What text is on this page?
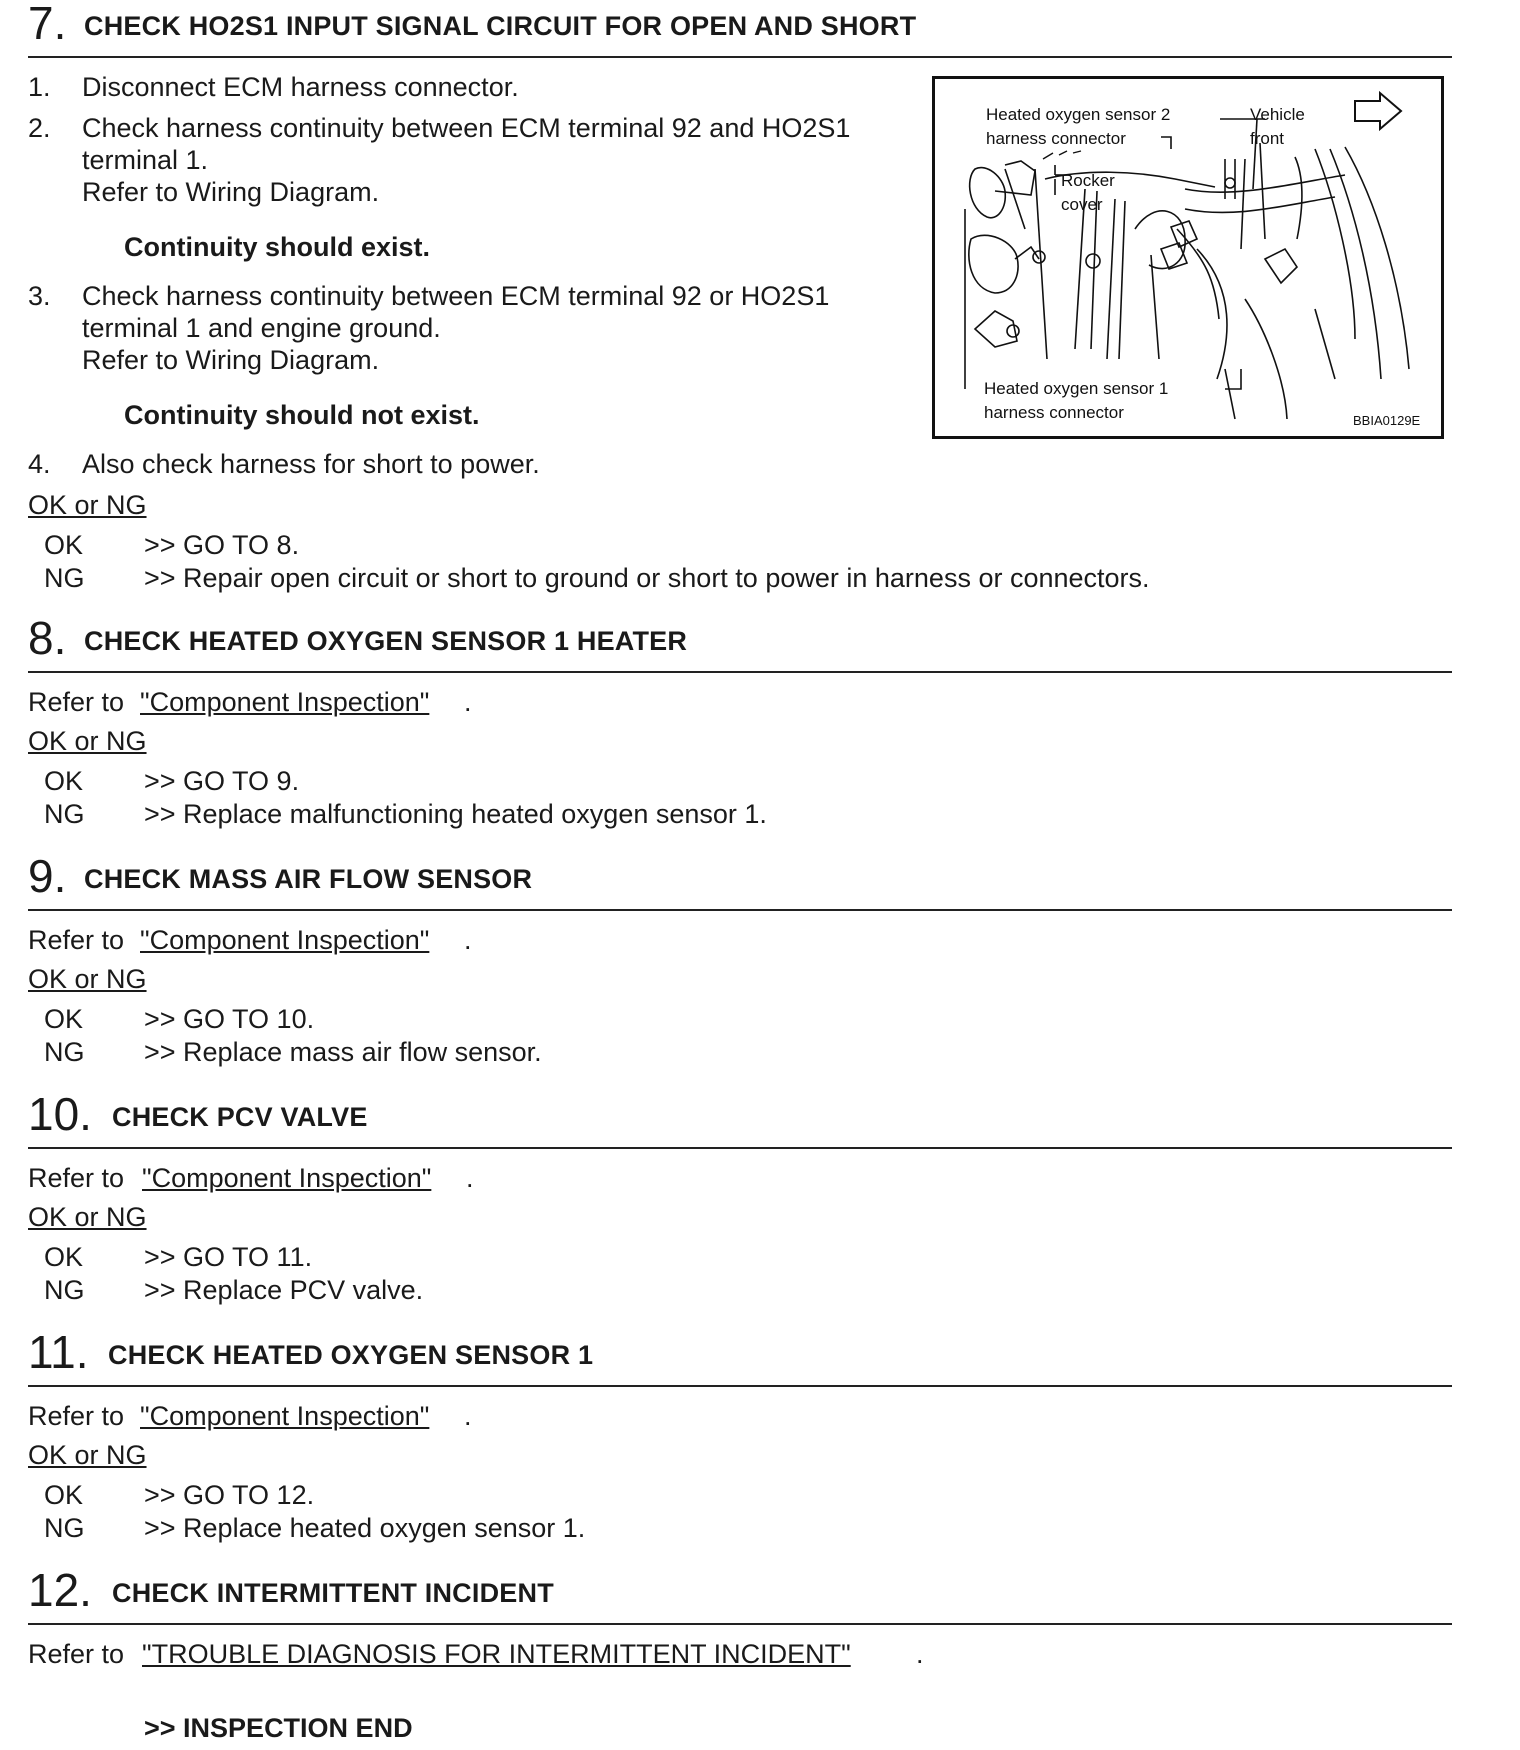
7. CHECK HO2S1 INPUT SIGNAL CIRCUIT FOR OPEN AND SHORT
1. Disconnect ECM harness connector.
2. Check harness continuity between ECM terminal 92 and HO2S1
terminal 1.
Refer to Wiring Diagram.
Continuity should exist.
3. Check harness continuity between ECM terminal 92 or HO2S1
terminal 1 and engine ground.
Refer to Wiring Diagram.
Continuity should not exist.
4. Also check harness for short to power.
OK or NG
OK >> GO TO 8.
NG >> Repair open circuit or short to ground or short to power in harness or connectors.
Heated oxygen sensor 2
harness connector
Vehicle
front
Rocker
cover
Heated oxygen sensor 1
harness connector	BBIA0129E
8. CHECK HEATED OXYGEN SENSOR 1 HEATER
Refer to "Component Inspection" .
OK or NG
OK >> GO TO 9.
NG >> Replace malfunctioning heated oxygen sensor 1.
9. CHECK MASS AIR FLOW SENSOR
Refer to "Component Inspection" .
OK or NG
OK >> GO TO 10.
NG >> Replace mass air flow sensor.
10. CHECK PCV VALVE
Refer to "Component Inspection" .
OK or NG
OK >> GO TO 11.
NG >> Replace PCV valve.
11. CHECK HEATED OXYGEN SENSOR 1
Refer to "Component Inspection" .
OK or NG
OK >> GO TO 12.
NG >> Replace heated oxygen sensor 1.
12. CHECK INTERMITTENT INCIDENT
Refer to "TROUBLE DIAGNOSIS FOR INTERMITTENT INCIDENT" .
>> INSPECTION END
